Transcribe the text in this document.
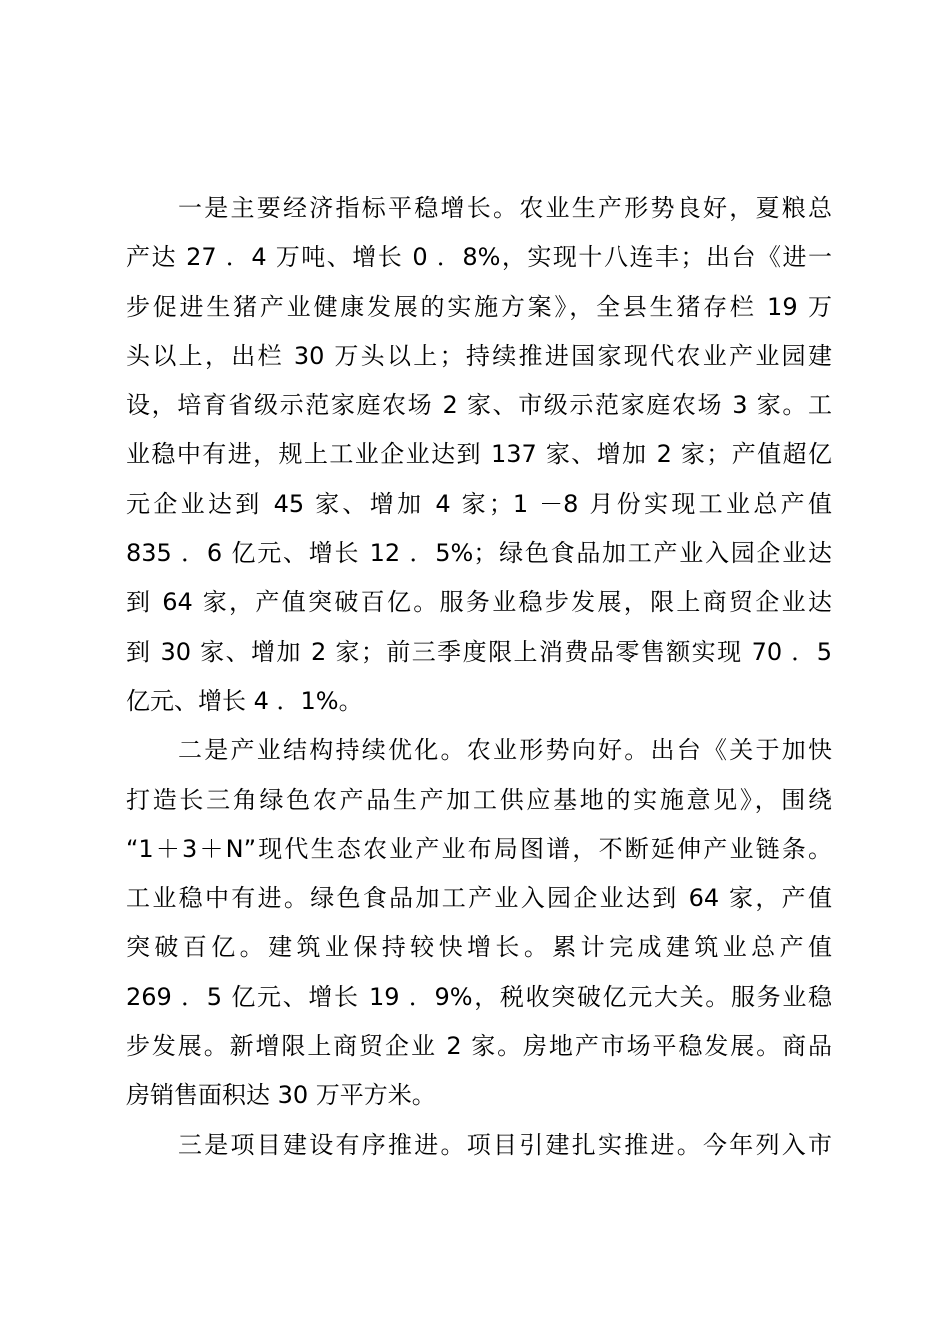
一是主要经济指标平稳增长。农业生产形势良好，夏粮总
产达 27 ．4 万吨、增长 0 ．8%，实现十八连丰；出台《进一
步促进生猪产业健康发展的实施方案》，全县生猪存栏 19 万
头以上，出栏 30 万头以上；持续推进国家现代农业产业园建
设，培育省级示范家庭农场 2 家、市级示范家庭农场 3 家。工
业稳中有进，规上工业企业达到 137 家、增加 2 家；产值超亿
元企业达到 45 家、增加 4 家；1 －8 月份实现工业总产值
835 ．6 亿元、增长 12 ．5%；绿色食品加工产业入园企业达
到 64 家，产值突破百亿。服务业稳步发展，限上商贸企业达
到 30 家、增加 2 家；前三季度限上消费品零售额实现 70 ．5
亿元、增长 4 ．1%。
二是产业结构持续优化。农业形势向好。出台《关于加快
打造长三角绿色农产品生产加工供应基地的实施意见》，围绕
“1＋3＋N”现代生态农业产业布局图谱，不断延伸产业链条。
工业稳中有进。绿色食品加工产业入园企业达到 64 家，产值
突破百亿。建筑业保持较快增长。累计完成建筑业总产值
269 ．5 亿元、增长 19 ．9%，税收突破亿元大关。服务业稳
步发展。新增限上商贸企业 2 家。房地产市场平稳发展。商品
房销售面积达 30 万平方米。
三是项目建设有序推进。项目引建扎实推进。今年列入市
